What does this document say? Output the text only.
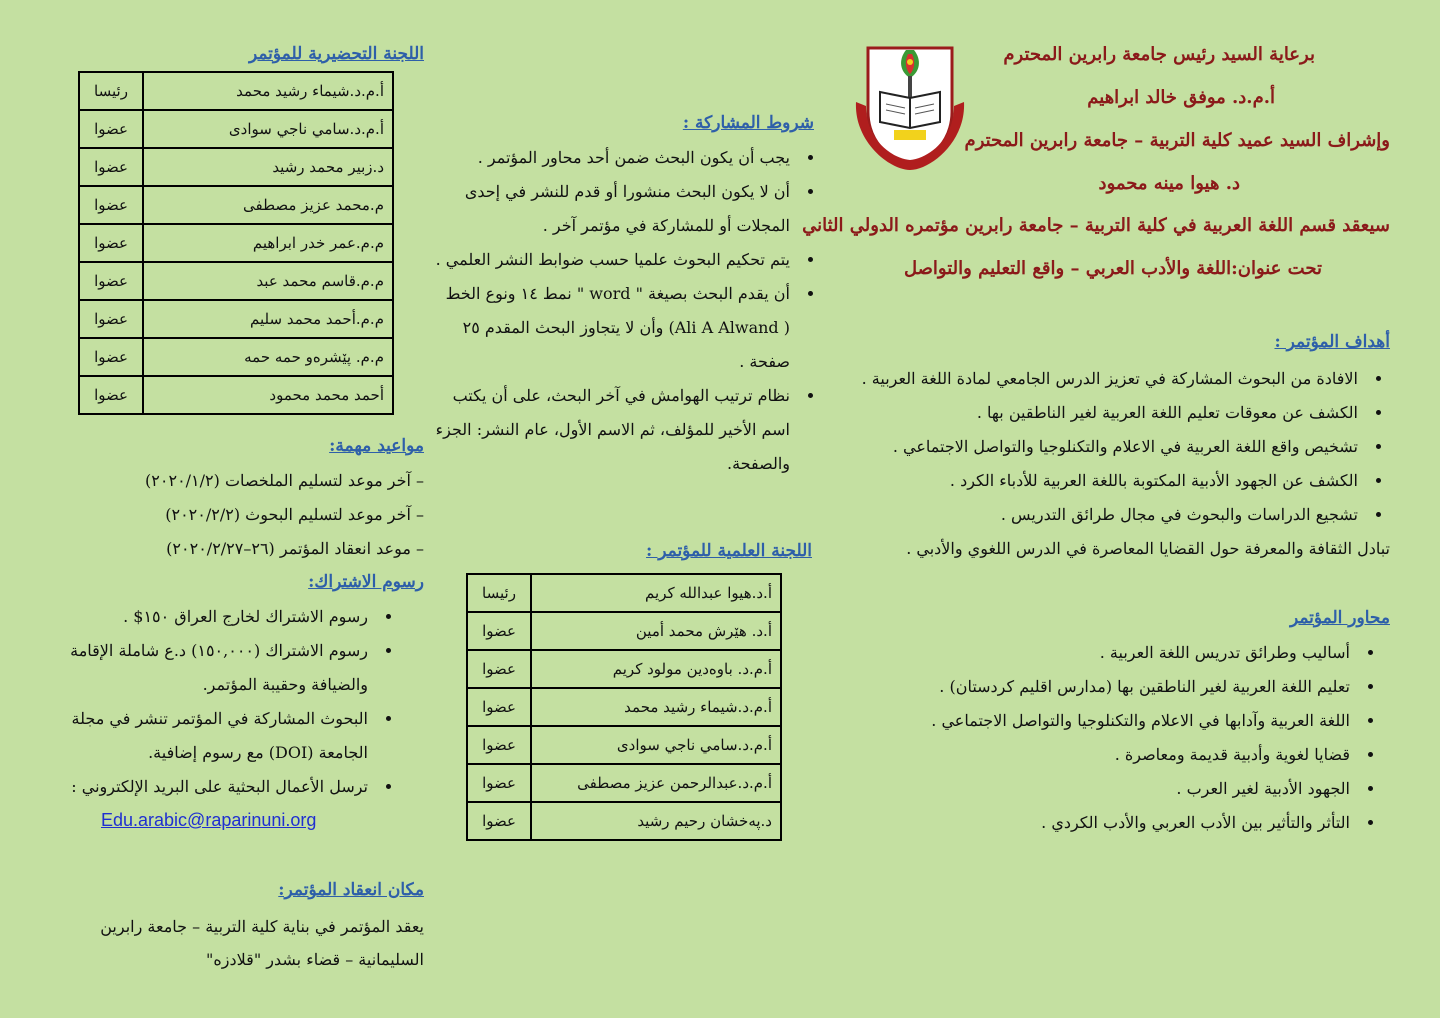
برعاية السيد رئيس جامعة رابرين المحترم
أ.م.د. موفق خالد ابراهيم
وإشراف السيد عميد كلية التربية – جامعة رابرين المحترم
د. هيوا مينه محمود
سيعقد قسم اللغة العربية في كلية التربية – جامعة رابرين مؤتمره الدولي الثاني
تحت عنوان:اللغة والأدب العربي – واقع التعليم والتواصل
أهداف المؤتمر :
• الافادة من البحوث المشاركة في تعزيز الدرس الجامعي لمادة اللغة العربية .
• الكشف عن معوقات تعليم اللغة العربية لغير الناطقين بها .
• تشخيص واقع اللغة العربية في الاعلام والتكنلوجيا والتواصل الاجتماعي .
• الكشف عن الجهود الأدبية المكتوبة باللغة العربية للأدباء الكرد .
• تشجيع الدراسات والبحوث في مجال طرائق التدريس .
تبادل الثقافة والمعرفة حول القضايا المعاصرة في الدرس اللغوي والأدبي .
محاور المؤتمر
• أساليب وطرائق تدريس اللغة العربية .
• تعليم اللغة العربية لغير الناطقين بها (مدارس اقليم كردستان) .
• اللغة العربية وآدابها في الاعلام والتكنلوجيا والتواصل الاجتماعي .
• قضايا لغوية وأدبية قديمة ومعاصرة .
• الجهود الأدبية لغير العرب .
• التأثر والتأثير بين الأدب العربي والأدب الكردي .
شروط المشاركة :
• يجب أن يكون البحث ضمن أحد محاور المؤتمر .
• أن لا يكون البحث منشورا أو قدم للنشر في إحدى
المجلات أو للمشاركة في مؤتمر آخر .
• يتم تحكيم البحوث علميا حسب ضوابط النشر العلمي .
• أن يقدم البحث بصيغة " word " نمط ١٤ ونوع الخط
( Ali A Alwand) وأن لا يتجاوز البحث المقدم ٢٥
صفحة .
• نظام ترتيب الهوامش في آخر البحث، على أن يكتب
اسم الأخير للمؤلف، ثم الاسم الأول، عام النشر: الجزء
والصفحة.
اللجنة العلمية للمؤتمر :
أ.د.هيوا عبدالله كريم	رئيسا
أ.د. هێرش محمد أمين	عضوا
أ.م.د. باوەدين مولود كريم	عضوا
أ.م.د.شيماء رشيد محمد	عضوا
أ.م.د.سامي ناجي سوادى	عضوا
أ.م.د.عبدالرحمن عزيز مصطفى	عضوا
د.پەخشان رحيم رشيد	عضوا
اللجنة التحضيرية للمؤتمر
أ.م.د.شيماء رشيد محمد	رئيسا
أ.م.د.سامي ناجي سوادى	عضوا
د.زبير محمد رشيد	عضوا
م.محمد عزيز مصطفى	عضوا
م.م.عمر خدر ابراهيم	عضوا
م.م.قاسم محمد عبد	عضوا
م.م.أحمد محمد سليم	عضوا
م.م. پێشرەو حمه حمه	عضوا
أحمد محمد محمود	عضوا
مواعيد مهمة:
– آخر موعد لتسليم الملخصات (٢٠٢٠/١/٢)
– آخر موعد لتسليم البحوث (٢٠٢٠/٢/٢)
– موعد انعقاد المؤتمر (٢٦–٢٠٢٠/٢/٢٧)
رسوم الاشتراك:
• رسوم الاشتراك لخارج العراق ١٥٠$ .
• رسوم الاشتراك (١٥٠,٠٠٠) د.ع شاملة الإقامة
والضيافة وحقيبة المؤتمر.
• البحوث المشاركة في المؤتمر تنشر في مجلة
الجامعة (DOI) مع رسوم إضافية.
• ترسل الأعمال البحثية على البريد الإلكتروني :
Edu.arabic@raparinuni.org
مكان انعقاد المؤتمر:
يعقد المؤتمر في بناية كلية التربية – جامعة رابرين
السليمانية – قضاء بشدر "قلادزه"
